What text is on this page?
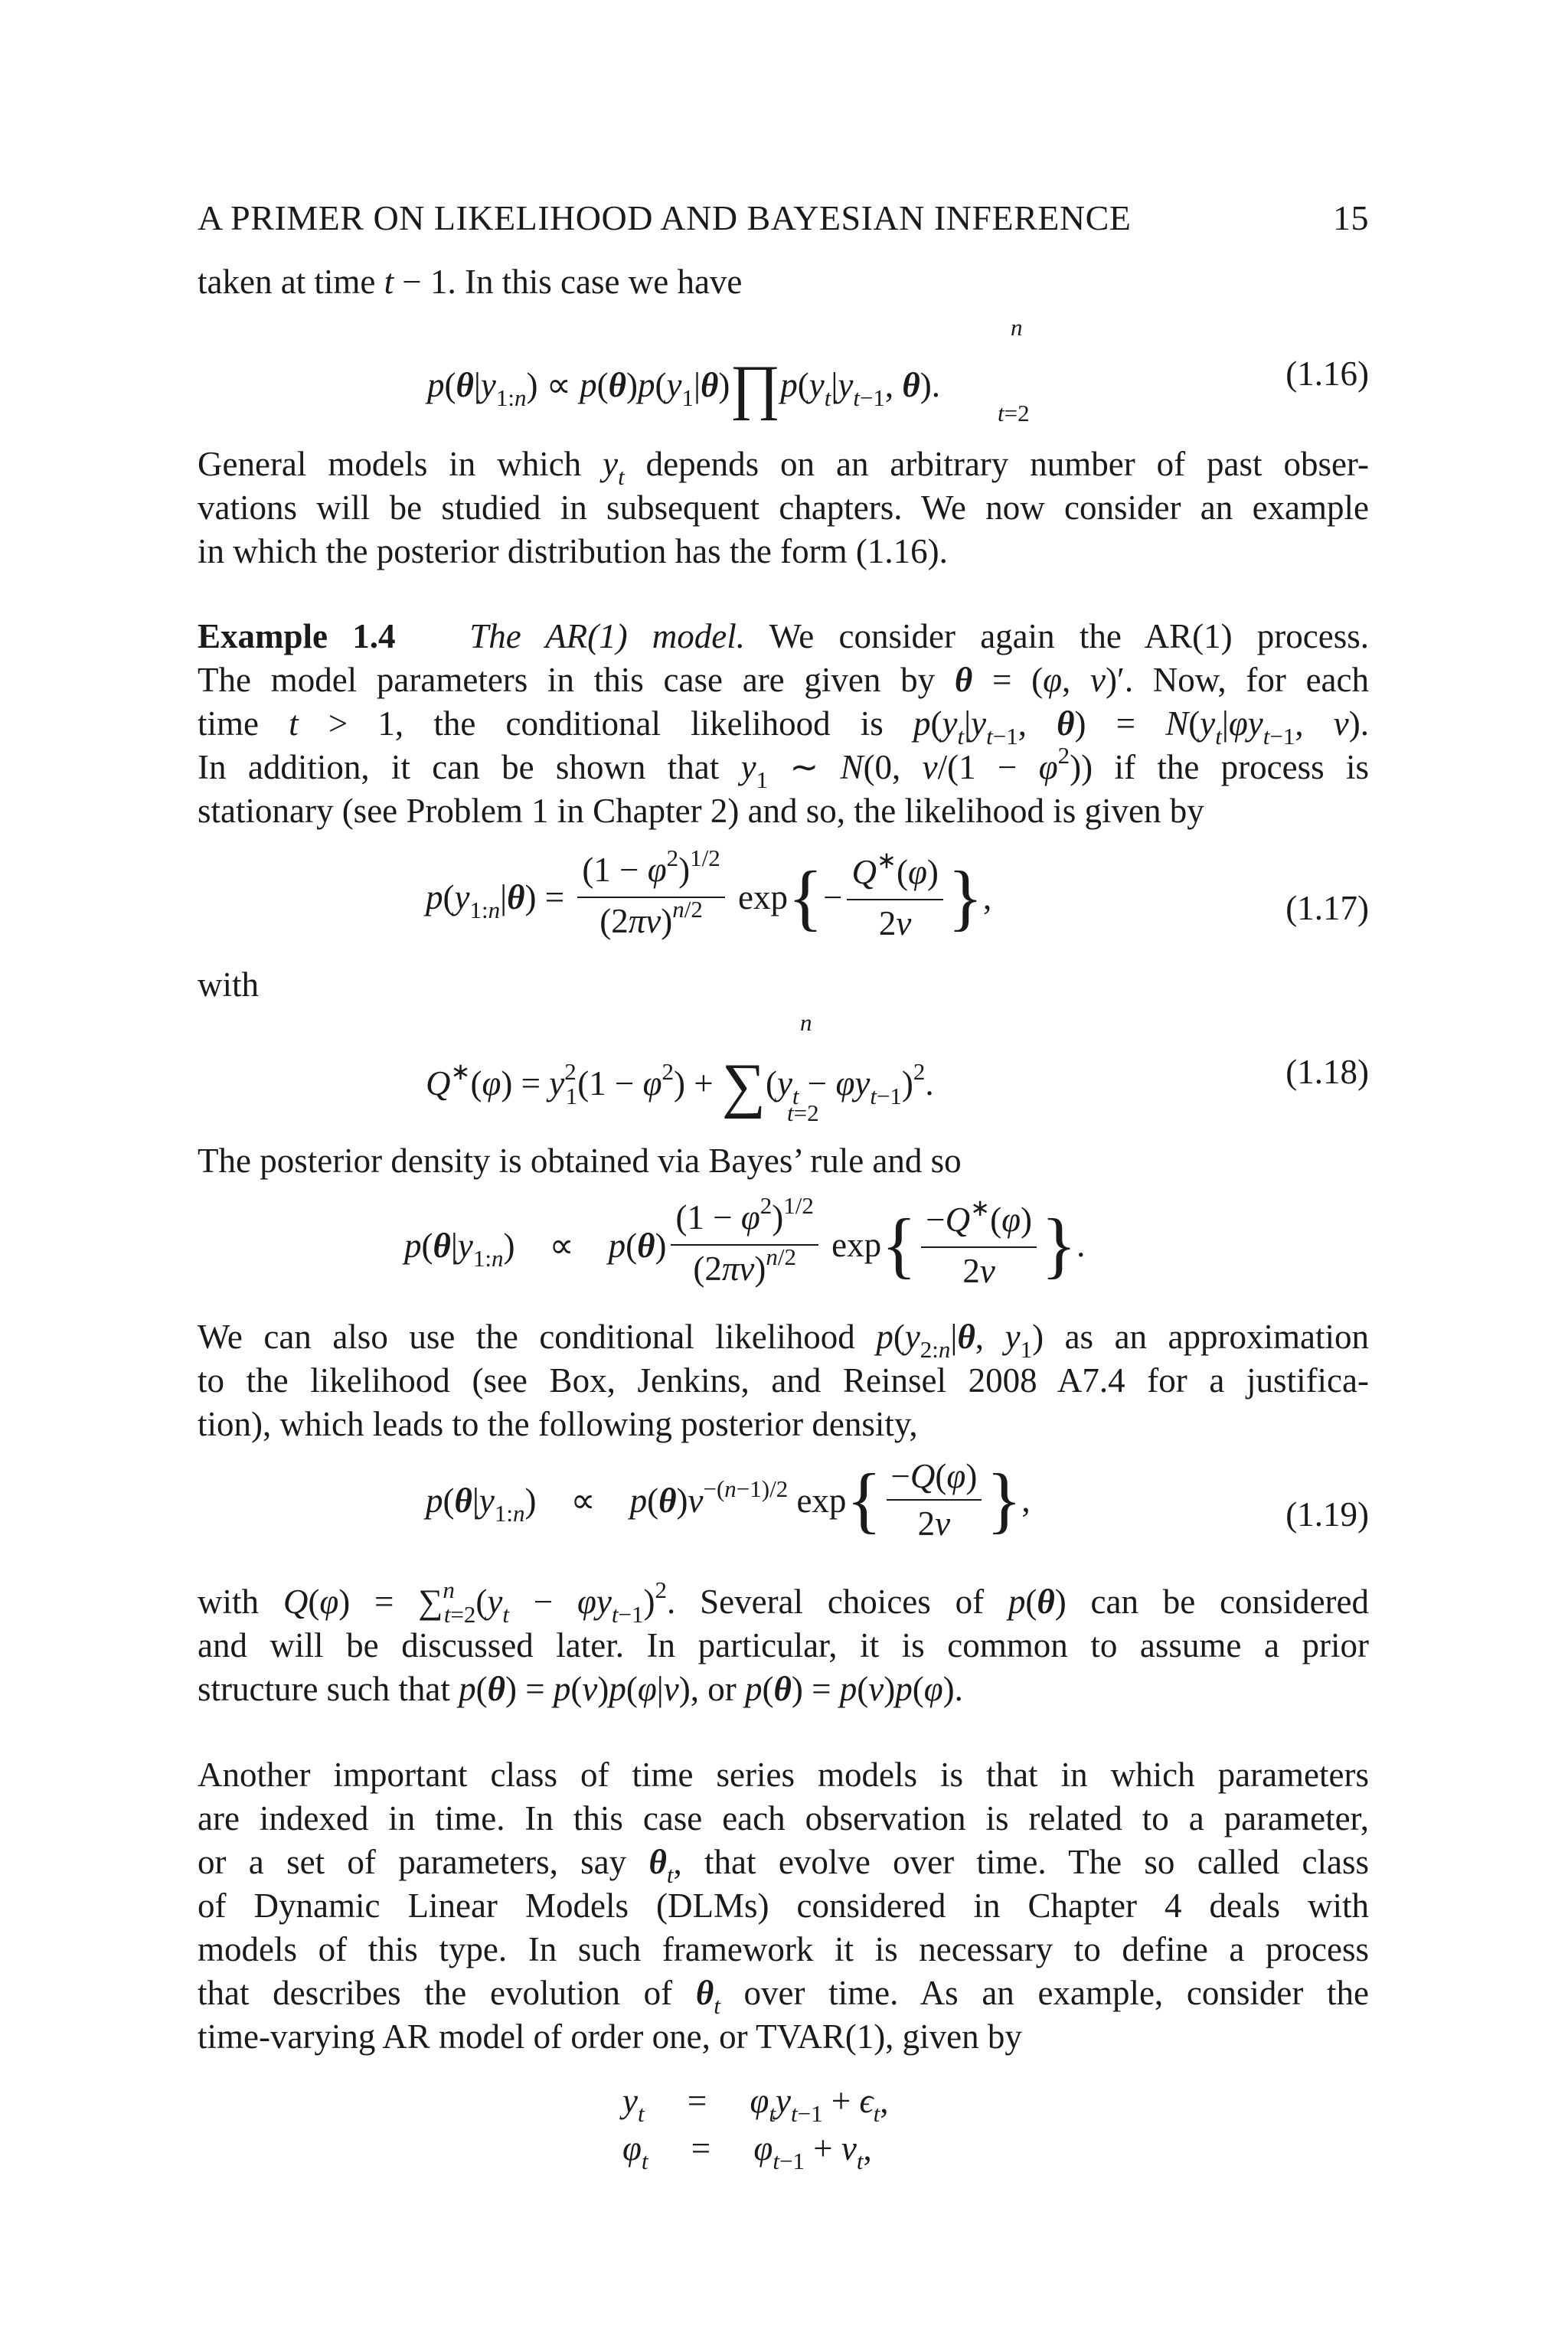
A PRIMER ON LIKELIHOOD AND BAYESIAN INFERENCE	15
taken at time t − 1. In this case we have
n
$p(\theta|y_{1:n})$ ∝ $p(\theta)p(y_1|\theta)\prod p(y_t|y_{t-1}$, θ).
t=2
(1.16)
General models in which $y_t$ depends on an arbitrary number of past obser-
vations will be studied in subsequent chapters. We now consider an example
in which the posterior distribution has the form (1.16).
Example 1.4 The AR(1) model. We consider again the AR(1) process.
The model parameters in this case are given by θ = (φ, v)′. Now, for each
time t > 1, the conditional likelihood is $p(y_t|y_{t-1}$, $\theta) = N(y_t|\varphi y_{t-1}$, v).
In addition, it can be shown that $y_1$ ∼ N(0, $v/(1 - \varphi^2)$) if the process is
stationary (see Problem 1 in Chapter 2) and so, the likelihood is given by
$p(y_{1:n}|\theta) = \frac{(1 - \varphi^2)^{1/2}}{(2\pi v)^{n/2}} \exp\{- \frac{Q^∗(\varphi)}{2v}$ },	(1.17)
with
n
$Q^∗(\varphi) = y^2_1(1 - \varphi^2) + \sum(y_t - \varphi y_{t-1})^2$.
t=2
(1.18)
The posterior density is obtained via Bayes’ rule and so
$p(\theta|y_{1:n})$    ∝    $p(\theta) \frac{(1 - \varphi^2)^{1/2}}{(2\pi v)^{n/2}} \exp\{ \frac{-Q^∗(\varphi)}{2v}$ }.
We can also use the conditional likelihood $p(y_{2:n}|\theta$, $y_1$) as an approximation
to the likelihood (see Box, Jenkins, and Reinsel 2008 A7.4 for a justifica-
tion), which leads to the following posterior density,
$p(\theta|y_{1:n})$    ∝    $p(\theta)v^{-(n-1)/2}$ $\exp\{ \frac{-Q(\varphi)}{2v}$ },	(1.19)
with $Q(\varphi) = \sum^n_{t=2}(y_t - \varphi y_{t-1})^2$. Several choices of p(θ) can be considered
and will be discussed later. In particular, it is common to assume a prior
structure such that p(θ) = p(v)p(φ|v), or p(θ) = p(v)p(φ).
Another important class of time series models is that in which parameters
are indexed in time. In this case each observation is related to a parameter,
or a set of parameters, say $\theta_t$, that evolve over time. The so called class
of Dynamic Linear Models (DLMs) considered in Chapter 4 deals with
models of this type. In such framework it is necessary to define a process
that describes the evolution of $\theta_t$ over time. As an example, consider the
time-varying AR model of order one, or TVAR(1), given by
$y_t$     =     $\varphi_ty_{t-1} + \epsilon_t$,
$\varphi_t$     =     $\varphi_{t-1} + \nu_t$,
